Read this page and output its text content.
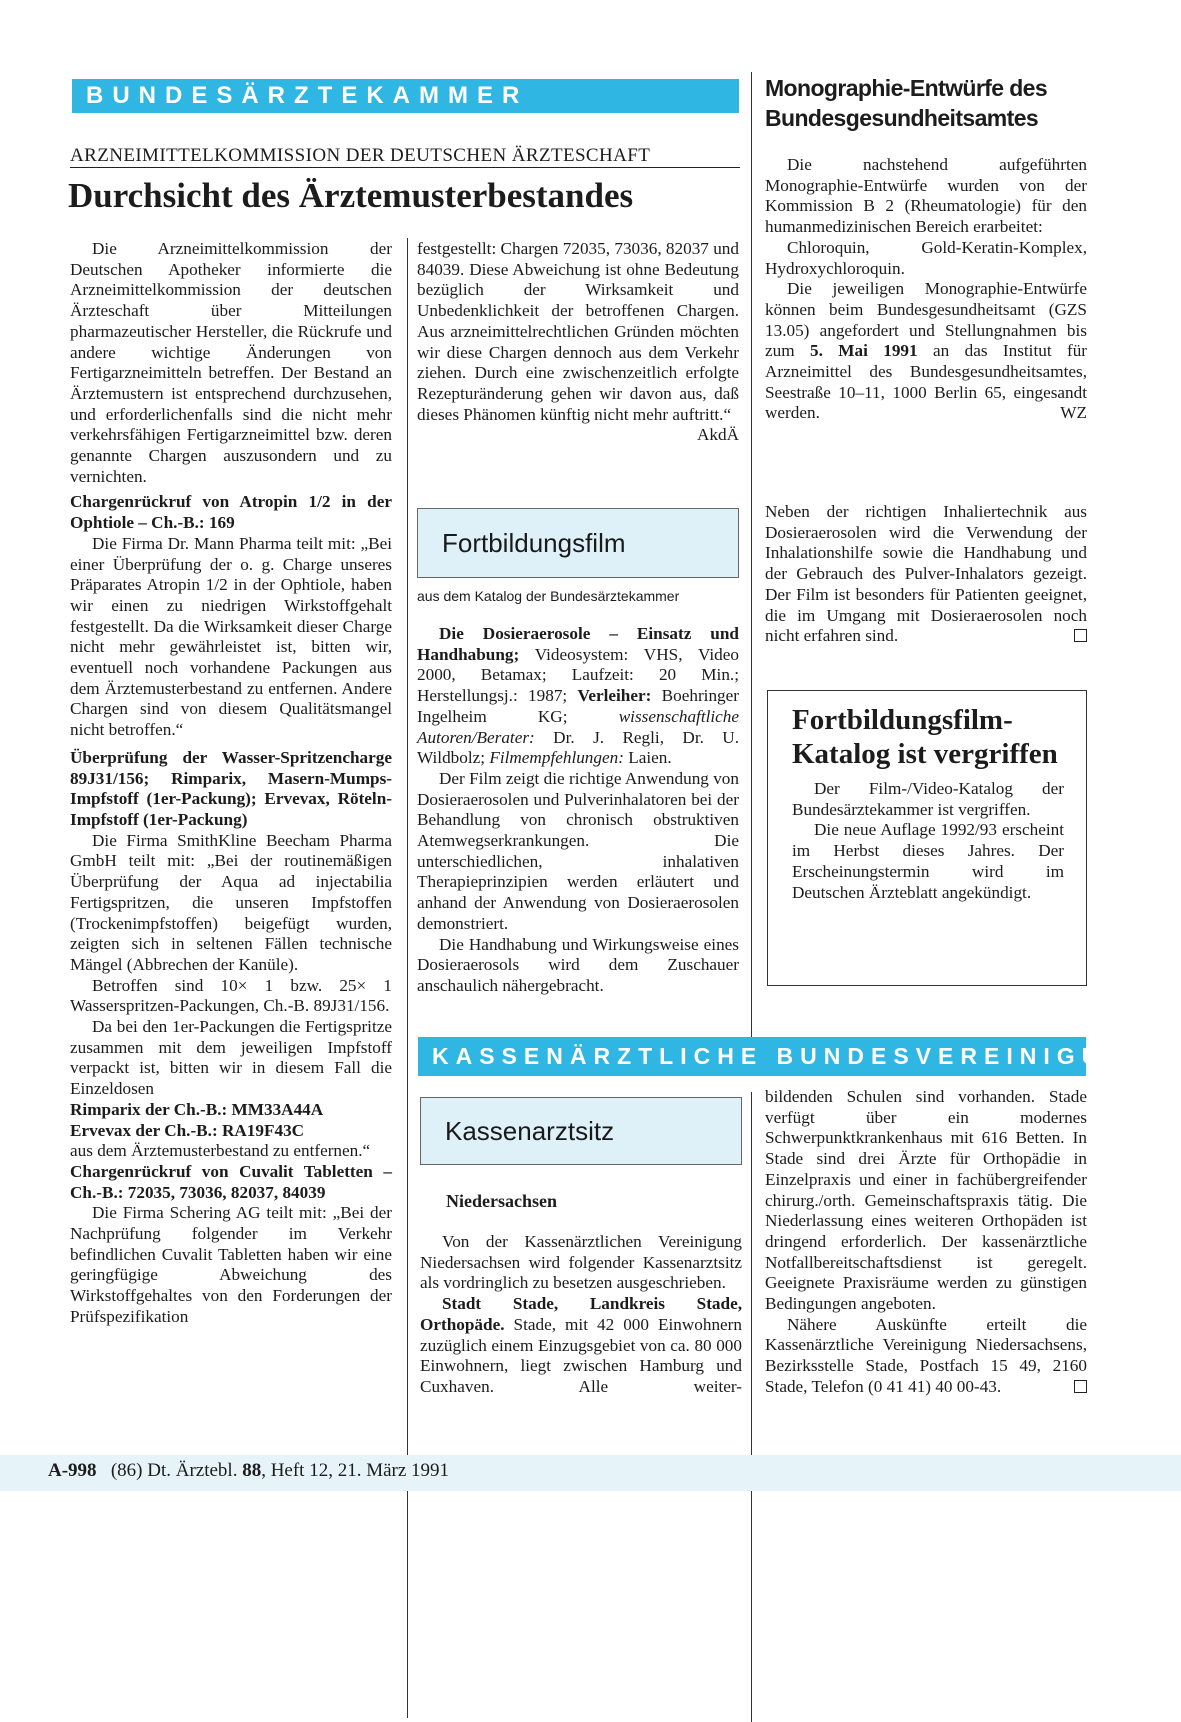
BUNDESÄRZTEKAMMER
ARZNEIMITTELKOMMISSION DER DEUTSCHEN ÄRZTESCHAFT
Durchsicht des Ärztemusterbestandes

Die Arzneimittelkommission der Deutschen Apotheker informierte die Arzneimittelkommission der deutschen Ärzteschaft über Mitteilungen pharmazeutischer Hersteller, die Rückrufe und andere wichtige Änderungen von Fertigarzneimitteln betreffen. Der Bestand an Ärztemustern ist entsprechend durchzusehen, und erforderlichenfalls sind die nicht mehr verkehrsfähigen Fertigarzneimittel bzw. deren genannte Chargen auszusondern und zu vernichten.

Chargenrückruf von Atropin 1/2 in der Ophtiole – Ch.-B.: 169

Die Firma Dr. Mann Pharma teilt mit: „Bei einer Überprüfung der o. g. Charge unseres Präparates Atropin 1/2 in der Ophtiole, haben wir einen zu niedrigen Wirkstoffgehalt festgestellt. Da die Wirksamkeit dieser Charge nicht mehr gewährleistet ist, bitten wir, eventuell noch vorhandene Packungen aus dem Ärztemusterbestand zu entfernen. Andere Chargen sind von diesem Qualitätsmangel nicht betroffen.“

Überprüfung der Wasser-Spritzencharge 89J31/156; Rimparix, Masern-Mumps-Impfstoff (1er-Packung); Ervevax, Röteln-Impfstoff (1er-Packung)

Die Firma SmithKline Beecham Pharma GmbH teilt mit: „Bei der routinemäßigen Überprüfung der Aqua ad injectabilia Fertigspritzen, die unseren Impfstoffen (Trockenimpfstoffen) beigefügt wurden, zeigten sich in seltenen Fällen technische Mängel (Abbrechen der Kanüle).

Betroffen sind 10× 1 bzw. 25× 1 Wasserspritzen-Packungen, Ch.-B. 89J31/156.

Da bei den 1er-Packungen die Fertigspritze zusammen mit dem jeweiligen Impfstoff verpackt ist, bitten wir in diesem Fall die Einzeldosen

Rimparix der Ch.-B.: MM33A44A

Ervevax der Ch.-B.: RA19F43C

aus dem Ärztemusterbestand zu entfernen.“

Chargenrückruf von Cuvalit Tabletten – Ch.-B.: 72035, 73036, 82037, 84039

Die Firma Schering AG teilt mit: „Bei der Nachprüfung folgender im Verkehr befindlichen Cuvalit Tabletten haben wir eine geringfügige Abweichung des Wirkstoffgehaltes von den Forderungen der Prüfspezifikation

festgestellt: Chargen 72035, 73036, 82037 und 84039. Diese Abweichung ist ohne Bedeutung bezüglich der Wirksamkeit und Unbedenklichkeit der betroffenen Chargen. Aus arzneimittelrechtlichen Gründen möchten wir diese Chargen dennoch aus dem Verkehr ziehen. Durch eine zwischenzeitlich erfolgte Rezepturänderung gehen wir davon aus, daß dieses Phänomen künftig nicht mehr auftritt.“
AkdÄ

Fortbildungsfilm
aus dem Katalog der Bundesärztekammer

Die Dosieraerosole – Einsatz und Handhabung; Videosystem: VHS, Video 2000, Betamax; Laufzeit: 20 Min.; Herstellungsj.: 1987; Verleiher: Boehringer Ingelheim KG;	wissenschaftliche Autoren/Berater: Dr. J. Regli, Dr. U. Wildbolz; Filmempfehlungen: Laien.

Der Film zeigt die richtige Anwendung von Dosieraerosolen und Pulverinhalatoren bei der Behandlung von chronisch obstruktiven Atemwegserkrankungen. Die unterschiedlichen, inhalativen Therapieprinzipien werden erläutert und anhand der Anwendung von Dosieraerosolen demonstriert.

Die Handhabung und Wirkungsweise eines Dosieraerosols wird dem Zuschauer anschaulich nähergebracht.

Monographie-Entwürfe des Bundesgesundheitsamtes

Die nachstehend aufgeführten Monographie-Entwürfe wurden von der Kommission B 2 (Rheumatologie) für den humanmedizinischen Bereich erarbeitet:

Chloroquin, Gold-Keratin-Komplex, Hydroxychloroquin.

Die jeweiligen Monographie-Entwürfe können beim Bundesgesundheitsamt (GZS 13.05) angefordert und Stellungnahmen bis zum 5. Mai 1991 an das Institut für Arzneimittel des Bundesgesundheitsamtes, Seestraße 10–11, 1000 Berlin 65, eingesandt werden.	WZ

Neben der richtigen Inhaliertechnik aus Dosieraerosolen wird die Verwendung der Inhalationshilfe sowie die Handhabung und der Gebrauch des Pulver-Inhalators gezeigt. Der Film ist besonders für Patienten geeignet, die im Umgang mit Dosieraerosolen noch nicht erfahren sind.

Fortbildungsfilm-Katalog ist vergriffen

Der Film-/Video-Katalog der Bundesärztekammer ist vergriffen.

Die neue Auflage 1992/93 erscheint im Herbst dieses Jahres. Der Erscheinungstermin wird im Deutschen Ärzteblatt angekündigt.

KASSENÄRZTLICHE BUNDESVEREINIGUNG
Kassenarztsitz
Niedersachsen

Von der Kassenärztlichen Vereinigung Niedersachsen wird folgender Kassenarztsitz als vordringlich zu besetzen ausgeschrieben.

Stadt Stade, Landkreis Stade, Orthopäde. Stade, mit 42 000 Einwohnern zuzüglich einem Einzugsgebiet von ca. 80 000 Einwohnern, liegt zwischen Hamburg und Cuxhaven. Alle weiter-

bildenden Schulen sind vorhanden. Stade verfügt über ein modernes Schwerpunktkrankenhaus mit 616 Betten. In Stade sind drei Ärzte für Orthopädie in Einzelpraxis und einer in fachübergreifender chirurg./orth. Gemeinschaftspraxis tätig. Die Niederlassung eines weiteren Orthopäden ist dringend erforderlich. Der kassenärztliche Notfallbereitschaftsdienst ist geregelt. Geeignete Praxisräume werden zu günstigen Bedingungen angeboten.

Nähere Auskünfte erteilt die Kassenärztliche Vereinigung Niedersachsens, Bezirksstelle Stade, Postfach 15 49, 2160 Stade, Telefon (0 41 41) 40 00-43.

A-998 (86) Dt. Ärztebl. 88, Heft 12, 21. März 1991
